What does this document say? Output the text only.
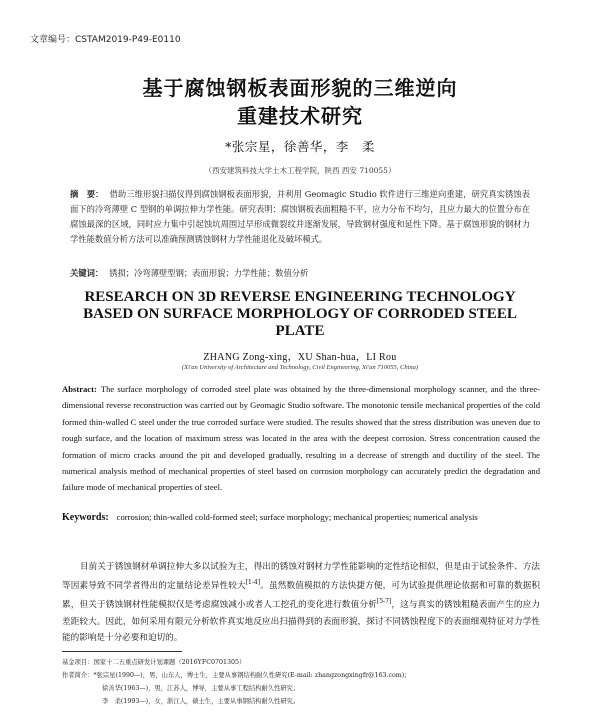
文章编号：CSTAM2019-P49-E0110
基于腐蚀钢板表面形貌的三维逆向
重建技术研究
*张宗星，徐善华，李　柔
（西安建筑科技大学土木工程学院，陕西 西安 710055）
摘　要： 借助三维形貌扫描仪得到腐蚀钢板表面形貌，并利用 Geomagic Studio 软件进行三维逆向重建，研究真实锈蚀表面下的冷弯薄壁 C 型钢的单调拉伸力学性能。研究表明：腐蚀钢板表面粗糙不平，应力分布不均匀，且应力最大的位置分布在腐蚀最深的区域，同时应力集中引起蚀坑周围过早形成微裂纹并逐渐发展，导致钢材强度和延性下降。基于腐蚀形貌的钢材力学性能数值分析方法可以准确预测锈蚀钢材力学性能退化及破坏模式。
关键词： 锈损；冷弯薄壁型钢；表面形貌；力学性能；数值分析
RESEARCH ON 3D REVERSE ENGINEERING TECHNOLOGY BASED ON SURFACE MORPHOLOGY OF CORRODED STEEL PLATE
ZHANG Zong-xing，XU Shan-hua，LI Rou
(Xi'an University of Architecture and Technology, Civil Engineering, Xi'an 710055, China)
Abstract: The surface morphology of corroded steel plate was obtained by the three-dimensional morphology scanner, and the three-dimensional reverse reconstruction was carried out by Geomagic Studio software. The monotonic tensile mechanical properties of the cold formed thin-walled C steel under the true corroded surface were studied. The results showed that the stress distribution was uneven due to rough surface, and the location of maximum stress was located in the area with the deepest corrosion. Stress concentration caused the formation of micro cracks around the pit and developed gradually, resulting in a decrease of strength and ductility of the steel. The numerical analysis method of mechanical properties of steel based on corrosion morphology can accurately predict the degradation and failure mode of mechanical properties of steel.
Keywords: corrosion; thin-walled cold-formed steel; surface morphology; mechanical properties; numerical analysis
目前关于锈蚀钢材单调拉伸大多以试验为主，得出的锈蚀对钢材力学性能影响的定性结论相似，但是由于试验条件、方法等因素导致不同学者得出的定量结论差异性较大[1-4]。虽然数值模拟的方法快捷方便，可为试验提供理论依据和可靠的数据积累，但关于锈蚀钢材性能模拟仅是考虑腐蚀减小或者人工挖孔的变化进行数值分析[5-7]，这与真实的锈蚀粗糙表面产生的应力差距较大。因此，如何采用有限元分析软件真实地反应出扫描得到的表面形貌，探讨不同锈蚀程度下的表面细观特征对力学性能的影响是十分必要和迫切的。
基金项目：国家十二五重点研发计划课题（2016YFC0701305）
作者简介：*张宗星(1990—)，男，山东人，博士生，主要从事钢结构耐久性研究(E-mail: zhangzongxingfr@163.com)；
徐善华(1963—)，男，江苏人，博导，主要从事工程结构耐久性研究；
李　柔(1993—)，女，浙江人，硕士生，主要从事钢结构耐久性研究。
